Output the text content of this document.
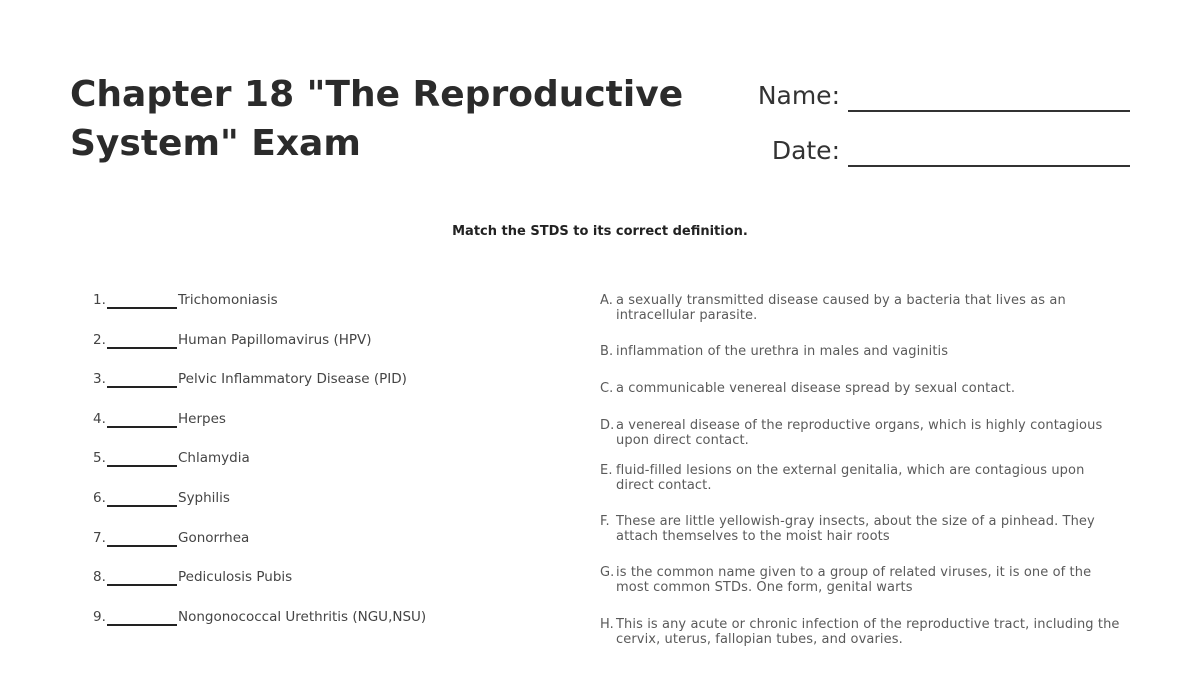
Chapter 18 "The Reproductive
System" Exam
Name:
Date:
Match the STDS to its correct definition.
1.	Trichomoniasis
2.	Human Papillomavirus (HPV)
3.	Pelvic Inflammatory Disease (PID)
4.	Herpes
5.	Chlamydia
6.	Syphilis
7.	Gonorrhea
8.	Pediculosis Pubis
9.	Nongonococcal Urethritis (NGU,NSU)
A. a sexually transmitted disease caused by a bacteria that lives as an intracellular parasite.
B. inflammation of the urethra in males and vaginitis
C. a communicable venereal disease spread by sexual contact.
D. a venereal disease of the reproductive organs, which is highly contagious upon direct contact.
E. fluid-filled lesions on the external genitalia, which are contagious upon direct contact.
F. These are little yellowish-gray insects, about the size of a pinhead. They attach themselves to the moist hair roots
G. is the common name given to a group of related viruses, it is one of the most common STDs. One form, genital warts
H. This is any acute or chronic infection of the reproductive tract, including the cervix, uterus, fallopian tubes, and ovaries.
